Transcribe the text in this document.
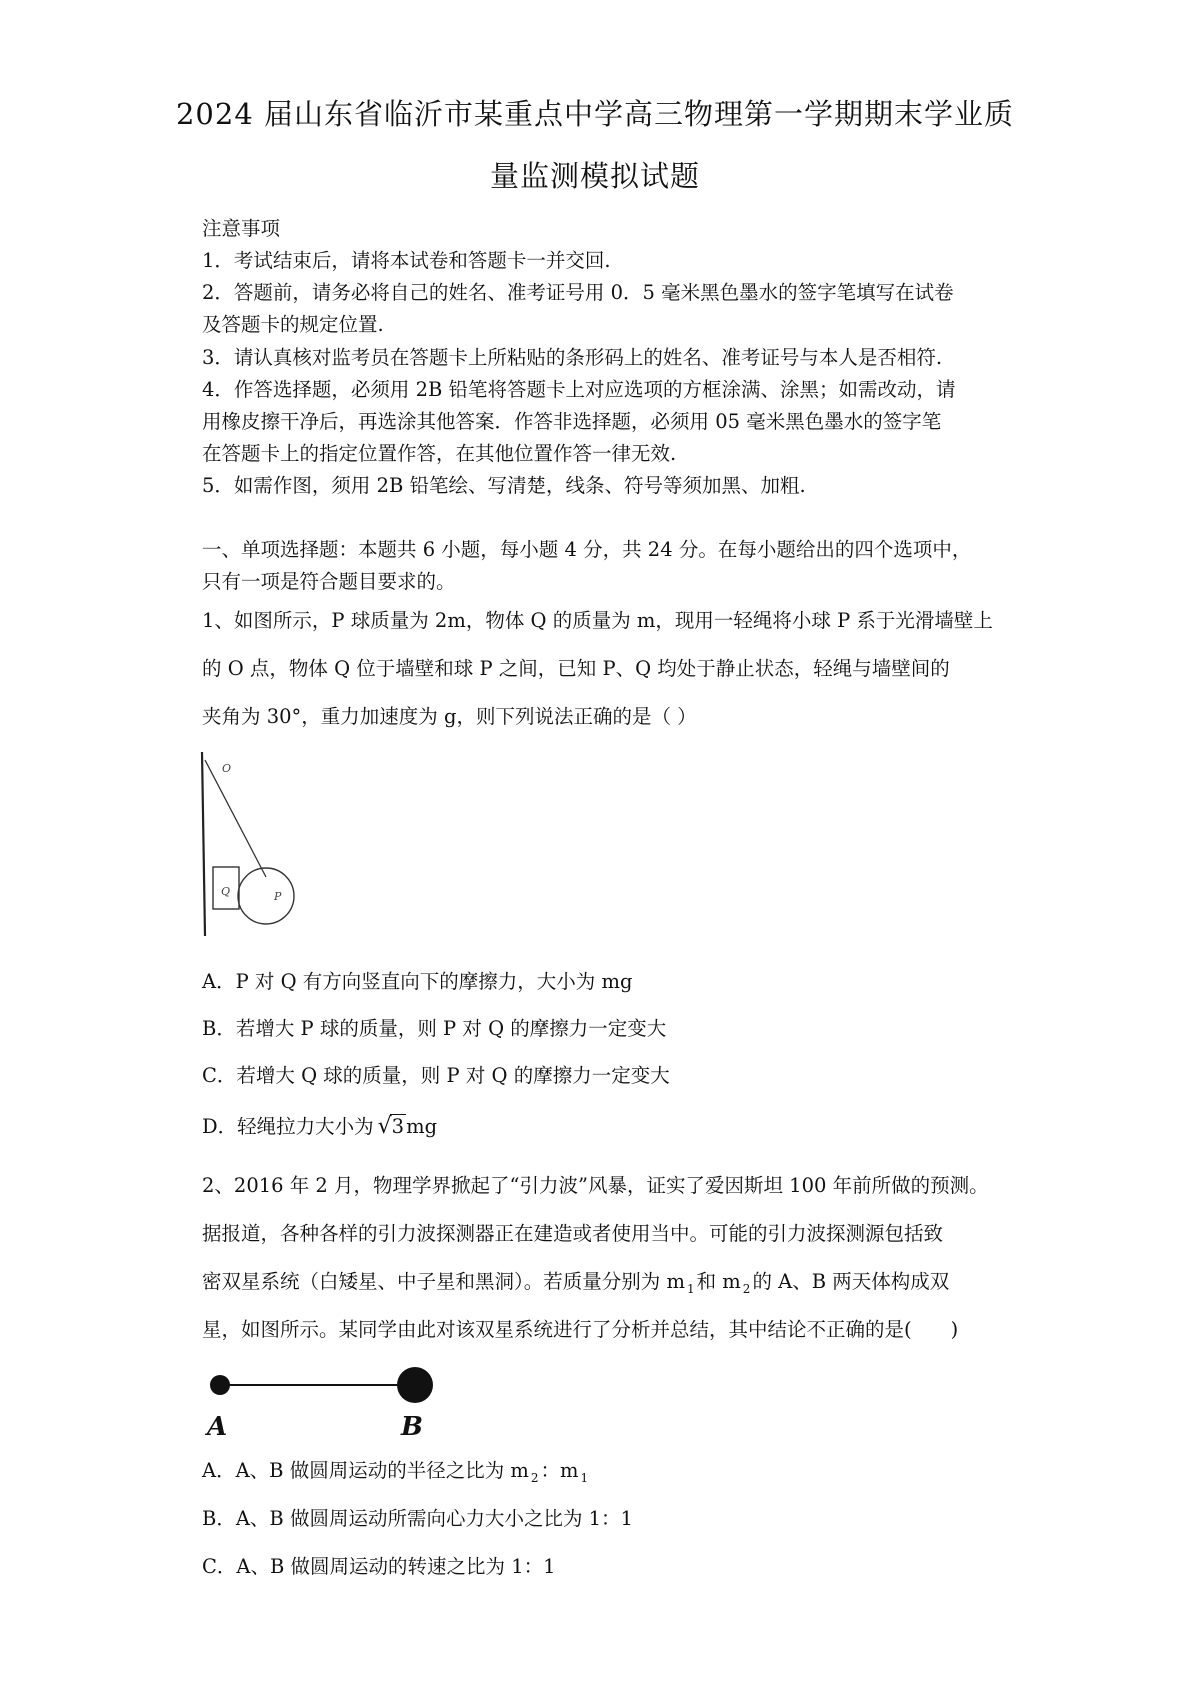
2024 届山东省临沂市某重点中学高三物理第一学期期末学业质
量监测模拟试题
注意事项
1．考试结束后，请将本试卷和答题卡一并交回.
2．答题前，请务必将自己的姓名、准考证号用 0．5 毫米黑色墨水的签字笔填写在试卷
及答题卡的规定位置.
3．请认真核对监考员在答题卡上所粘贴的条形码上的姓名、准考证号与本人是否相符.
4．作答选择题，必须用 2B 铅笔将答题卡上对应选项的方框涂满、涂黑；如需改动，请
用橡皮擦干净后，再选涂其他答案．作答非选择题，必须用 05 毫米黑色墨水的签字笔
在答题卡上的指定位置作答，在其他位置作答一律无效.
5．如需作图，须用 2B 铅笔绘、写清楚，线条、符号等须加黑、加粗.
一、单项选择题：本题共 6 小题，每小题 4 分，共 24 分。在每小题给出的四个选项中，
只有一项是符合题目要求的。
1、如图所示，P 球质量为 2m，物体 Q 的质量为 m，现用一轻绳将小球 P 系于光滑墙壁上
的 O 点，物体 Q 位于墙壁和球 P 之间，已知 P、Q 均处于静止状态，轻绳与墙壁间的
夹角为 30°，重力加速度为 g，则下列说法正确的是（ ）
O
Q	P
A．P 对 Q 有方向竖直向下的摩擦力，大小为 mg
B．若增大 P 球的质量，则 P 对 Q 的摩擦力一定变大
C．若增大 Q 球的质量，则 P 对 Q 的摩擦力一定变大
D．轻绳拉力大小为 √3 mg
2、2016 年 2 月，物理学界掀起了“引力波”风暴，证实了爱因斯坦 100 年前所做的预测。
据报道，各种各样的引力波探测器正在建造或者使用当中。可能的引力波探测源包括致
密双星系统（白矮星、中子星和黑洞）。若质量分别为 m $_1$ 和 m $_2$ 的 A、B 两天体构成双
星，如图所示。某同学由此对该双星系统进行了分析并总结，其中结论不正确的是(　　)
A	B
A．A、B 做圆周运动的半径之比为 m $_2$ ：m $_1$
B．A、B 做圆周运动所需向心力大小之比为 1：1
C．A、B 做圆周运动的转速之比为 1：1
